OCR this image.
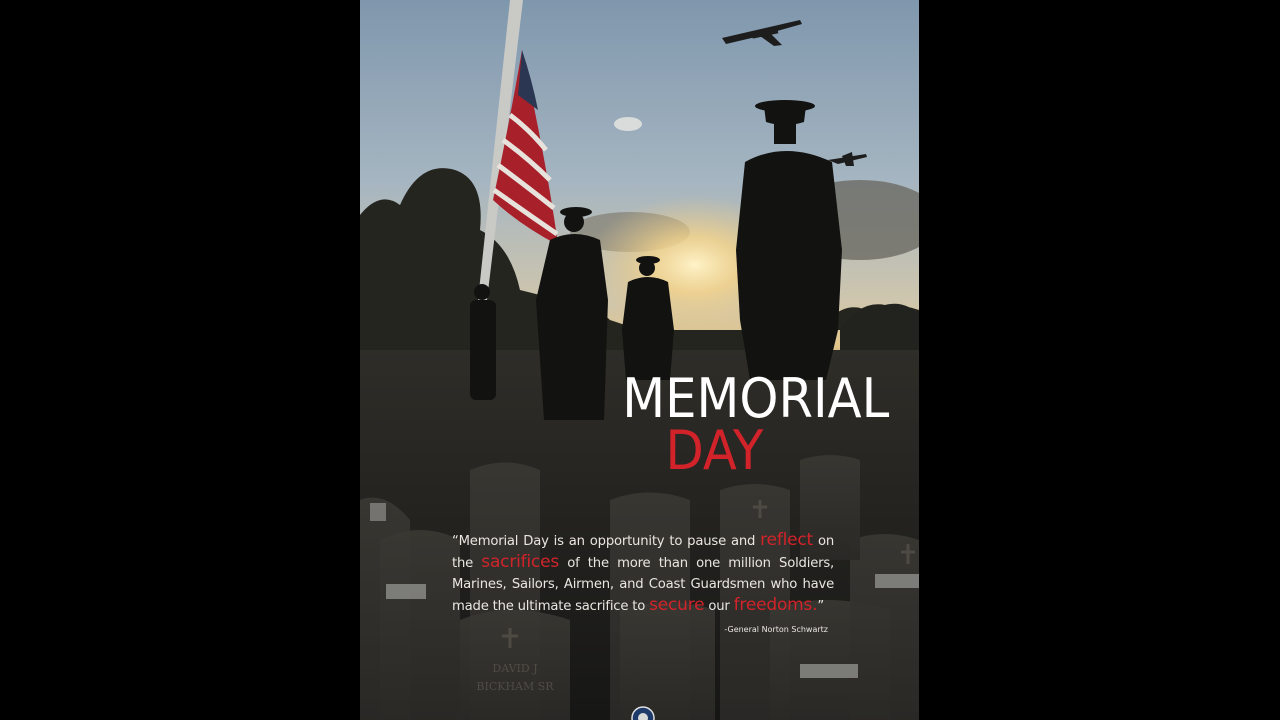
DAVID J
BICKHAM SR
MEMORIAL
DAY
“Memorial Day is an opportunity to pause and reflect on the sacrifices of the more than one million Soldiers, Marines, Sailors, Airmen, and Coast Guardsmen who have made the ultimate sacrifice to secure our freedoms.”
-General Norton Schwartz
